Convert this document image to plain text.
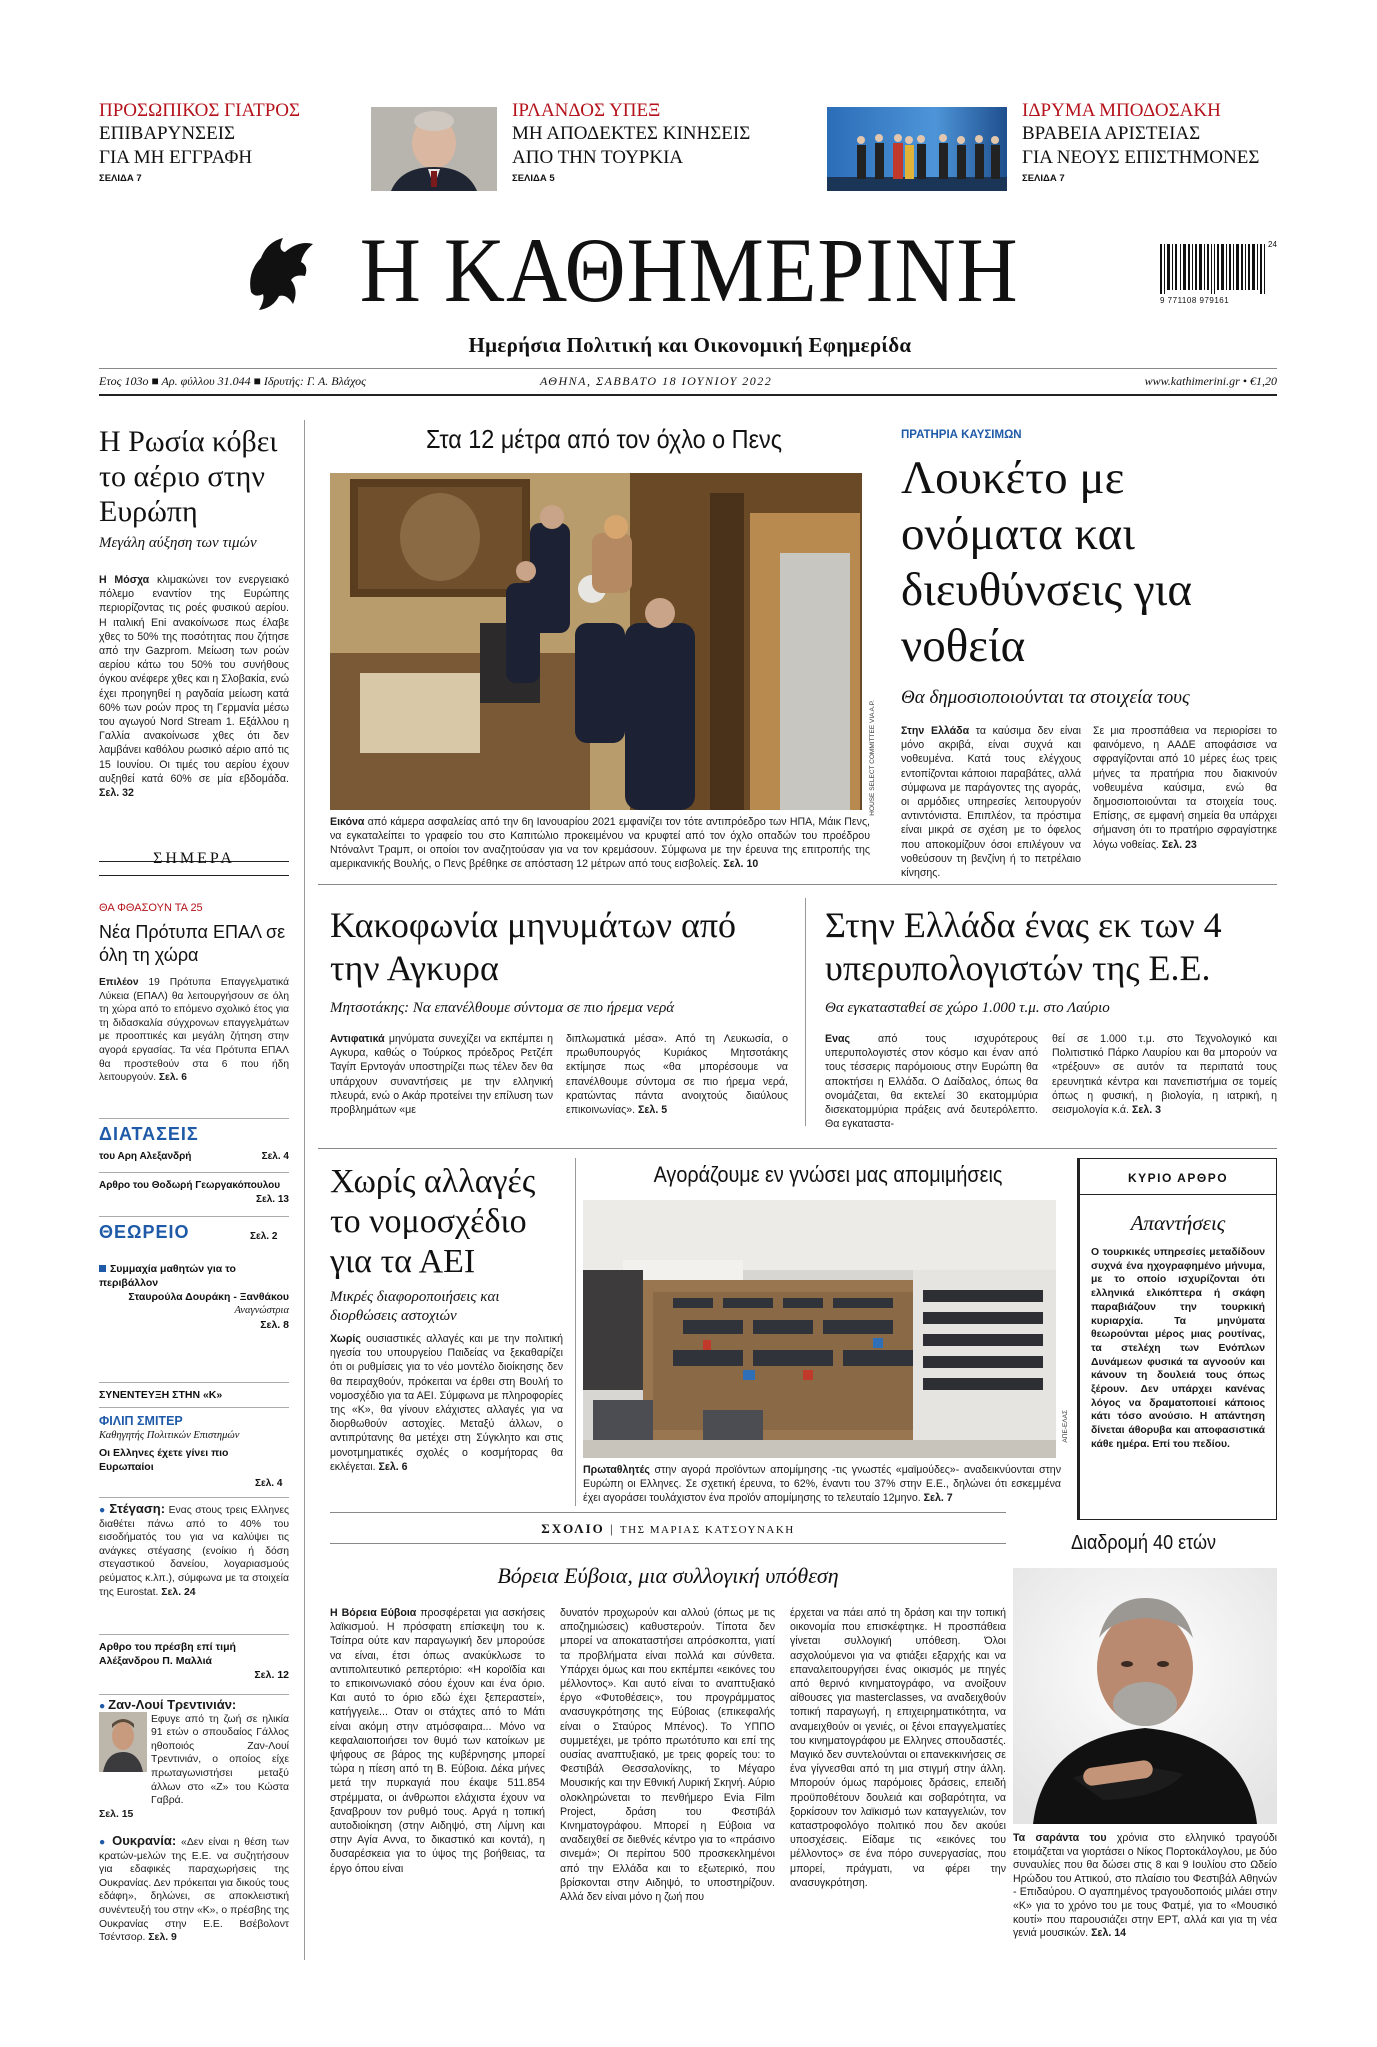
ΠΡΟΣΩΠΙΚΟΣ ΓΙΑΤΡΟΣ
ΕΠΙΒΑΡΥΝΣΕΙΣ
ΓΙΑ ΜΗ ΕΓΓΡΑΦΗ
ΣΕΛΙΔΑ 7
ΙΡΛΑΝΔΟΣ ΥΠΕΞ
ΜΗ ΑΠΟΔΕΚΤΕΣ ΚΙΝΗΣΕΙΣ
ΑΠΟ ΤΗΝ ΤΟΥΡΚΙΑ
ΣΕΛΙΔΑ 5
ΙΔΡΥΜΑ ΜΠΟΔΟΣΑΚΗ
ΒΡΑΒΕΙΑ ΑΡΙΣΤΕΙΑΣ
ΓΙΑ ΝΕΟΥΣ ΕΠΙΣΤΗΜΟΝΕΣ
ΣΕΛΙΔΑ 7
Η ΚΑΘΗΜΕΡΙΝΗ
Ημερήσια Πολιτική και Οικονομική Εφημερίδα
9 771108 979161
24
Ετος 103ο ■ Αρ. φύλλου 31.044 ■ Ιδρυτής: Γ. Α. Βλάχος	ΑΘΗΝΑ, ΣΑΒΒΑΤΟ 18 ΙΟΥΝΙΟΥ 2022	www.kathimerini.gr • €1,20
Η Ρωσία κόβει το αέριο στην Ευρώπη
Μεγάλη αύξηση των τιμών
Η Μόσχα κλιμακώνει τον ενεργειακό πόλεμο εναντίον της Ευρώπης περιορίζοντας τις ροές φυσικού αερίου. Η ιταλική Eni ανακοίνωσε πως έλαβε χθες το 50% της ποσότητας που ζήτησε από την Gazprom. Μείωση των ροών αερίου κάτω του 50% του συνήθους όγκου ανέφερε χθες και η Σλοβακία, ενώ έχει προηγηθεί η ραγδαία μείωση κατά 60% των ροών προς τη Γερμανία μέσω του αγωγού Nord Stream 1. Εξάλλου η Γαλλία ανακοίνωσε χθες ότι δεν λαμβάνει καθόλου ρωσικό αέριο από τις 15 Ιουνίου. Οι τιμές του αερίου έχουν αυξηθεί κατά 60% σε μία εβδομάδα. Σελ. 32
ΣΗΜΕΡΑ
ΘΑ ΦΘΑΣΟΥΝ ΤΑ 25
Νέα Πρότυπα ΕΠΑΛ σε όλη τη χώρα
Επιλέον 19 Πρότυπα Επαγγελματικά Λύκεια (ΕΠΑΛ) θα λειτουργήσουν σε όλη τη χώρα από το επόμενο σχολικό έτος για τη διδασκαλία σύγχρονων επαγγελμάτων με προοπτικές και μεγάλη ζήτηση στην αγορά εργασίας. Τα νέα Πρότυπα ΕΠΑΛ θα προστεθούν στα 6 που ήδη λειτουργούν. Σελ. 6
ΔΙΑΤΑΣΕΙΣ
του Αρη Αλεξανδρή	Σελ. 4
Αρθρο του Θοδωρή Γεωργακόπουλου
Σελ. 13
ΘΕΩΡΕΙΟ	Σελ. 2
Συμμαχία μαθητών για το περιβάλλον
Σταυρούλα Δουράκη - Ξανθάκου
Αναγνώστρια
Σελ. 8
ΣΥΝΕΝΤΕΥΞΗ ΣΤΗΝ «Κ»
ΦΙΛΙΠ ΣΜΙΤΕΡ
Καθηγητής Πολιτικών Επιστημών
Οι Ελληνες έχετε γίνει πιο Ευρωπαίοι
Σελ. 4
● Στέγαση: Ενας στους τρεις Ελληνες διαθέτει πάνω από το 40% του εισοδήματός του για να καλύψει τις ανάγκες στέγασης (ενοίκιο ή δόση στεγαστικού δανείου, λογαριασμούς ρεύματος κ.λπ.), σύμφωνα με τα στοιχεία της Eurostat. Σελ. 24
Αρθρο του πρέσβη επί τιμή Αλέξανδρου Π. Μαλλιά
Σελ. 12
● Ζαν-Λουί Τρεντινιάν:
Εφυγε από τη ζωή σε ηλικία 91 ετών ο σπουδαίος Γάλλος ηθοποιός Ζαν-Λουί Τρεντινιάν, ο οποίος είχε πρωταγωνιστήσει μεταξύ άλλων στο «Ζ» του Κώστα Γαβρά.
Σελ. 15
● Ουκρανία: «Δεν είναι η θέση των κρατών-μελών της Ε.Ε. να συζητήσουν για εδαφικές παραχωρήσεις της Ουκρανίας. Δεν πρόκειται για δικούς τους εδάφη», δηλώνει, σε αποκλειστική συνέντευξή του στην «Κ», ο πρέσβης της Ουκρανίας στην Ε.Ε. Βσέβολοντ Τσέντσορ. Σελ. 9
Στα 12 μέτρα από τον όχλο ο Πενς
HOUSE SELECT COMMITTEE VIA A.P.
Εικόνα από κάμερα ασφαλείας από την 6η Ιανουαρίου 2021 εμφανίζει τον τότε αντιπρόεδρο των ΗΠΑ, Μάικ Πενς, να εγκαταλείπει το γραφείο του στο Καπιτώλιο προκειμένου να κρυφτεί από τον όχλο οπαδών του προέδρου Ντόναλντ Τραμπ, οι οποίοι τον αναζητούσαν για να τον κρεμάσουν. Σύμφωνα με την έρευνα της επιτροπής της αμερικανικής Βουλής, ο Πενς βρέθηκε σε απόσταση 12 μέτρων από τους εισβολείς. Σελ. 10
ΠΡΑΤΗΡΙΑ ΚΑΥΣΙΜΩΝ
Λουκέτο με ονόματα και διευθύνσεις για νοθεία
Θα δημοσιοποιούνται τα στοιχεία τους
Στην Ελλάδα τα καύσιμα δεν είναι μόνο ακριβά, είναι συχνά και νοθευμένα. Κατά τους ελέγχους εντοπίζονται κάποιοι παραβάτες, αλλά σύμφωνα με παράγοντες της αγοράς, οι αρμόδιες υπηρεσίες λειτουργούν αντιντόνιστα. Επιπλέον, τα πρόστιμα είναι μικρά σε σχέση με το όφελος που αποκομίζουν όσοι επιλέγουν να νοθεύσουν τη βενζίνη ή το πετρέλαιο κίνησης.
Σε μια προσπάθεια να περιορίσει το φαινόμενο, η ΑΑΔΕ αποφάσισε να σφραγίζονται από 10 μέρες έως τρεις μήνες τα πρατήρια που διακινούν νοθευμένα καύσιμα, ενώ θα δημοσιοποιούνται τα στοιχεία τους. Επίσης, σε εμφανή σημεία θα υπάρχει σήμανση ότι το πρατήριο σφραγίστηκε λόγω νοθείας. Σελ. 23
Κακοφωνία μηνυμάτων από την Αγκυρα
Μητσοτάκης: Να επανέλθουμε σύντομα σε πιο ήρεμα νερά
Αντιφατικά μηνύματα συνεχίζει να εκπέμπει η Αγκυρα, καθώς ο Τούρκος πρόεδρος Ρετζέπ Ταγίπ Ερντογάν υποστηρίζει πως τέλεν δεν θα υπάρχουν συναντήσεις με την ελληνική πλευρά, ενώ ο Ακάρ προτείνει την επίλυση των προβλημάτων «με
διπλωματικά μέσα». Από τη Λευκωσία, ο πρωθυπουργός Κυριάκος Μητσοτάκης εκτίμησε πως «θα μπορέσουμε να επανέλθουμε σύντομα σε πιο ήρεμα νερά, κρατώντας πάντα ανοιχτούς διαύλους επικοινωνίας». Σελ. 5
Στην Ελλάδα ένας εκ των 4 υπερυπολογιστών της Ε.Ε.
Θα εγκατασταθεί σε χώρο 1.000 τ.μ. στο Λαύριο
Ενας από τους ισχυρότερους υπερυπολογιστές στον κόσμο και έναν από τους τέσσερις παρόμοιους στην Ευρώπη θα αποκτήσει η Ελλάδα. Ο Δαίδαλος, όπως θα ονομάζεται, θα εκτελεί 30 εκατομμύρια δισεκατομμύρια πράξεις ανά δευτερόλεπτο. Θα εγκαταστα-
θεί σε 1.000 τ.μ. στο Τεχνολογικό και Πολιτιστικό Πάρκο Λαυρίου και θα μπορούν να «τρέξουν» σε αυτόν τα περιπατά τους ερευνητικά κέντρα και πανεπιστήμια σε τομείς όπως η φυσική, η βιολογία, η ιατρική, η σεισμολογία κ.ά. Σελ. 3
Χωρίς αλλαγές το νομοσχέδιο για τα ΑΕΙ
Μικρές διαφοροποιήσεις και διορθώσεις αστοχιών
Χωρίς ουσιαστικές αλλαγές και με την πολιτική ηγεσία του υπουργείου Παιδείας να ξεκαθαρίζει ότι οι ρυθμίσεις για το νέο μοντέλο διοίκησης δεν θα πειραχθούν, πρόκειται να έρθει στη Βουλή το νομοσχέδιο για τα ΑΕΙ. Σύμφωνα με πληροφορίες της «Κ», θα γίνουν ελάχιστες αλλαγές για να διορθωθούν αστοχίες. Μεταξύ άλλων, ο αντιπρύτανης θα μετέχει στη Σύγκλητο και στις μονοτμηματικές σχολές ο κοσμήτορας θα εκλέγεται. Σελ. 6
Αγοράζουμε εν γνώσει μας απομιμήσεις
ΑΠΕ-ΕΛΑΣ
Πρωταθλητές στην αγορά προϊόντων απομίμησης -τις γνωστές «μαϊμούδες»- αναδεικνύονται στην Ευρώπη οι Ελληνες. Σε σχετική έρευνα, το 62%, έναντι του 37% στην Ε.Ε., δηλώνει ότι εσκεμμένα έχει αγοράσει τουλάχιστον ένα προϊόν απομίμησης το τελευταίο 12μηνο. Σελ. 7
ΚΥΡΙΟ ΑΡΘΡΟ
Απαντήσεις
Ο τουρκικές υπηρεσίες μεταδίδουν συχνά ένα ηχογραφημένο μήνυμα, με το οποίο ισχυρίζονται ότι ελληνικά ελικόπτερα ή σκάφη παραβιάζουν την τουρκική κυριαρχία. Τα μηνύματα θεωρούνται μέρος μιας ρουτίνας, τα στελέχη των Ενόπλων Δυνάμεων φυσικά τα αγνοούν και κάνουν τη δουλειά τους όπως ξέρουν. Δεν υπάρχει κανένας λόγος να δραματοποιεί κάποιος κάτι τόσο ανούσιο. Η απάντηση δίνεται άθορυβα και αποφασιστικά κάθε ημέρα. Επί του πεδίου.
ΣΧΟΛΙΟ | ΤΗΣ ΜΑΡΙΑΣ ΚΑΤΣΟΥΝΑΚΗ
Βόρεια Εύβοια, μια συλλογική υπόθεση
Η Βόρεια Εύβοια προσφέρεται για ασκήσεις λαϊκισμού. Η πρόσφατη επίσκεψη του κ. Τσίπρα ούτε καν παραγωγική δεν μπορούσε να είναι, έτσι όπως ανακύκλωσε το αντιπολιτευτικό ρεπερτόριο: «Η κοροϊδία και το επικοινωνιακό σόου έχουν και ένα όριο. Και αυτό το όριο εδώ έχει ξεπεραστεί», κατήγγειλε... Οταν οι στάχτες από το Μάτι είναι ακόμη στην ατμόσφαιρα... Μόνο να κεφαλαιοποιήσει τον θυμό των κατοίκων με ψήφους σε βάρος της κυβέρνησης μπορεί τώρα η πίεση από τη Β. Εύβοια. Δέκα μήνες μετά την πυρκαγιά που έκαψε 511.854 στρέμματα, οι άνθρωποι ελάχιστα έχουν να ξαναβρουν τον ρυθμό τους. Αργά η τοπική αυτοδιοίκηση (στην Αιδηψό, στη Λίμνη και στην Αγία Αννα, το δικαστικό και κοντά), η δυσαρέσκεια για το ύψος της βοήθειας, τα έργο όπου είναι
δυνατόν προχωρούν και αλλού (όπως με τις αποζημιώσεις) καθυστερούν. Τίποτα δεν μπορεί να αποκαταστήσει απρόσκοπτα, γιατί τα προβλήματα είναι πολλά και σύνθετα. Υπάρχει όμως και που εκπέμπει «εικόνες του μέλλοντος». Και αυτό είναι το αναπτυξιακό έργο «Φυτοθέσεις», του προγράμματος ανασυγκρότησης της Εύβοιας (επικεφαλής είναι ο Σταύρος Μπένος). Το ΥΠΠΟ συμμετέχει, με τρόπο πρωτότυπο και επί της ουσίας αναπτυξιακό, με τρεις φορείς του: το Φεστιβάλ Θεσσαλονίκης, το Μέγαρο Μουσικής και την Εθνική Λυρική Σκηνή. Αύριο ολοκληρώνεται το πενθήμερο Evia Film Project, δράση του Φεστιβάλ Κινηματογράφου. Μπορεί η Εύβοια να αναδειχθεί σε διεθνές κέντρο για το «πράσινο σινεμά»; Οι περίπου 500 προσκεκλημένοι από την Ελλάδα και το εξωτερικό, που βρίσκονται στην Αιδηψό, το υποστηρίζουν. Αλλά δεν είναι μόνο η ζωή που
έρχεται να πάει από τη δράση και την τοπική οικονομία που επισκέφτηκε. Η προσπάθεια γίνεται συλλογική υπόθεση. Όλοι ασχολούμενοι για να φτιάξει εξαρχής και να επαναλειτουργήσει ένας οικισμός με πηγές από θερινό κινηματογράφο, να ανοίξουν αίθουσες για masterclasses, να αναδειχθούν τοπική παραγωγή, η επιχειρηματικότητα, να αναμειχθούν οι γενιές, οι ξένοι επαγγελματίες του κινηματογράφου με Ελληνες σπουδαστές. Μαγικό δεν συντελούνται οι επανεκκινήσεις σε ένα γίγνεσθαι από τη μια στιγμή στην άλλη. Μπορούν όμως παρόμοιες δράσεις, επειδή προϋποθέτουν δουλειά και σοβαρότητα, να ξορκίσουν τον λαϊκισμό των καταγγελιών, τον καταστροφολόγο πολιτικό που δεν ακούει υποσχέσεις. Είδαμε τις «εικόνες του μέλλοντος» σε ένα πόρο συνεργασίας, που μπορεί, πράγματι, να φέρει την ανασυγκρότηση.
Διαδρομή 40 ετών
Τα σαράντα του χρόνια στο ελληνικό τραγούδι ετοιμάζεται να γιορτάσει ο Νίκος Πορτοκάλογλου, με δύο συναυλίες που θα δώσει στις 8 και 9 Ιουλίου στο Ωδείο Ηρώδου του Αττικού, στο πλαίσιο του Φεστιβάλ Αθηνών - Επιδαύρου. Ο αγαπημένος τραγουδοποιός μιλάει στην «Κ» για το χρόνο του με τους Φατμέ, για το «Μουσικό κουτί» που παρουσιάζει στην ΕΡΤ, αλλά και για τη νέα γενιά μουσικών. Σελ. 14
